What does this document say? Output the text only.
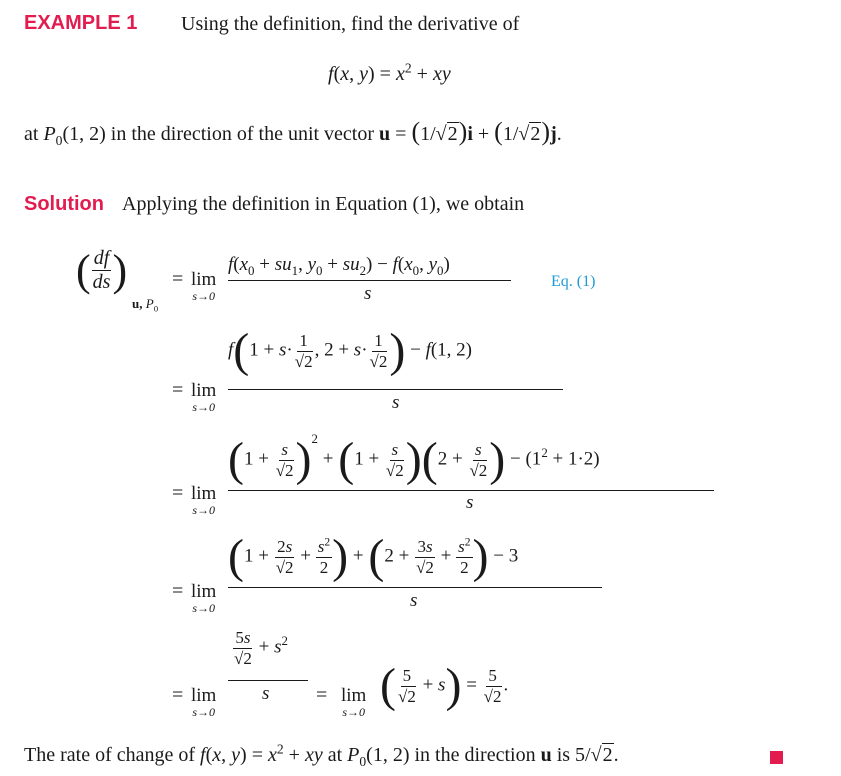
EXAMPLE 1 Using the definition, find the derivative of
f(x, $y) = x^2$ + xy
at $P_0(1$, 2) in the direction of the unit vector u = (1/√2)i + (1/√2)j.
Solution Applying the definition in Equation (1), we obtain
( $\frac{df}{ds}$ )
u, $P_0$
= lim
s→0
$f(x_0 + su_1$, $y_0 + su_2) - f(x_0$, $y_0$)
s
Eq. (1)
$f(1 + s\cdot \frac{1}{√2}$ , $2 + s\cdot \frac{1}{√2}$ ) − f(1, 2)
= lim
s→0	s
$(1 + \frac{s}{√2} )^2 + (1 + \frac{s}{√2} )(2 + \frac{s}{√2}$ ) − $(1^2 + 1\cdot 2)$
= lim
s→0	s
($1 + \frac{2s}{√2} + \frac{s^2}{2}$ ) + ($2 + \frac{3s}{√2} + \frac{s^2}{2}$ ) − 3
= lim
s→0	s
$\frac{5s}{√2} + s^2$
= lim
s→0
s = lim
s→0 ( $\frac{5}{√2} + s) = \frac{5}{√2}$ .
The rate of change of f(x, $y) = x^2$ + xy at $P_0(1$, 2) in the direction u is 5/√2.
